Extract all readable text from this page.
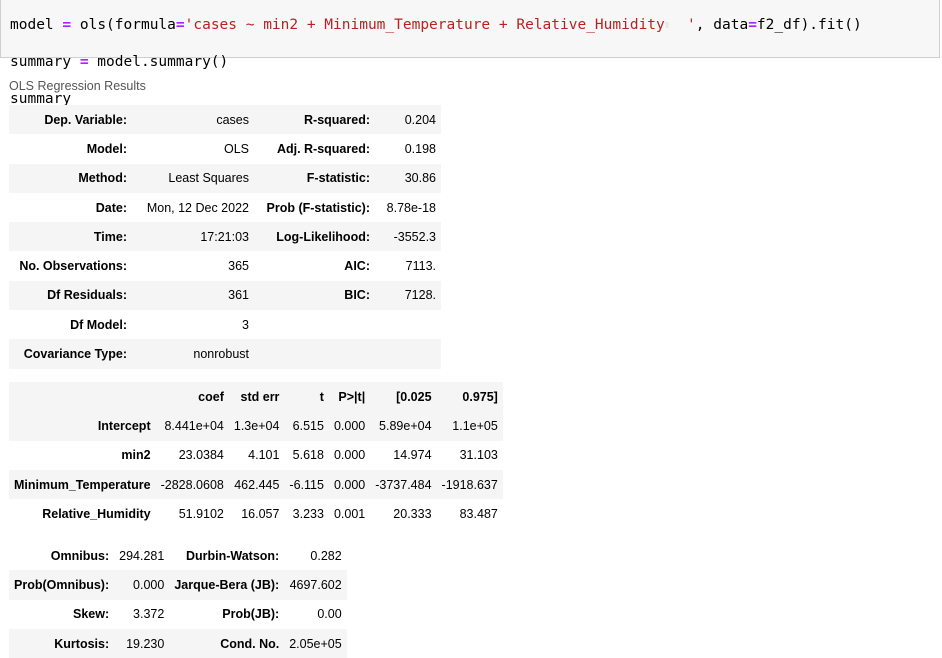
model = ols(formula='cases ~ min2 + Minimum_Temperature + Relative_Humidity▯  ', data=f2_df).fit()

summary = model.summary()

summary

OLS Regression Results
Dep. Variable:	cases	R-squared:	0.204
Model:	OLS	Adj. R-squared:	0.198
Method:	Least Squares	F-statistic:	30.86
Date:	Mon, 12 Dec 2022	Prob (F-statistic):	8.78e-18
Time:	17:21:03	Log-Likelihood:	-3552.3
No. Observations:	365	AIC:	7113.
Df Residuals:	361	BIC:	7128.
Df Model:	3		
Covariance Type:	nonrobust		
	coef	std err	t	P>|t|	[0.025	0.975]
Intercept	8.441e+04	1.3e+04	6.515	0.000	5.89e+04	1.1e+05
min2	23.0384	4.101	5.618	0.000	14.974	31.103
Minimum_Temperature	-2828.0608	462.445	-6.115	0.000	-3737.484	-1918.637
Relative_Humidity	51.9102	16.057	3.233	0.001	20.333	83.487
Omnibus:	294.281	Durbin-Watson:	0.282
Prob(Omnibus):	0.000	Jarque-Bera (JB):	4697.602
Skew:	3.372	Prob(JB):	0.00
Kurtosis:	19.230	Cond. No.	2.05e+05
